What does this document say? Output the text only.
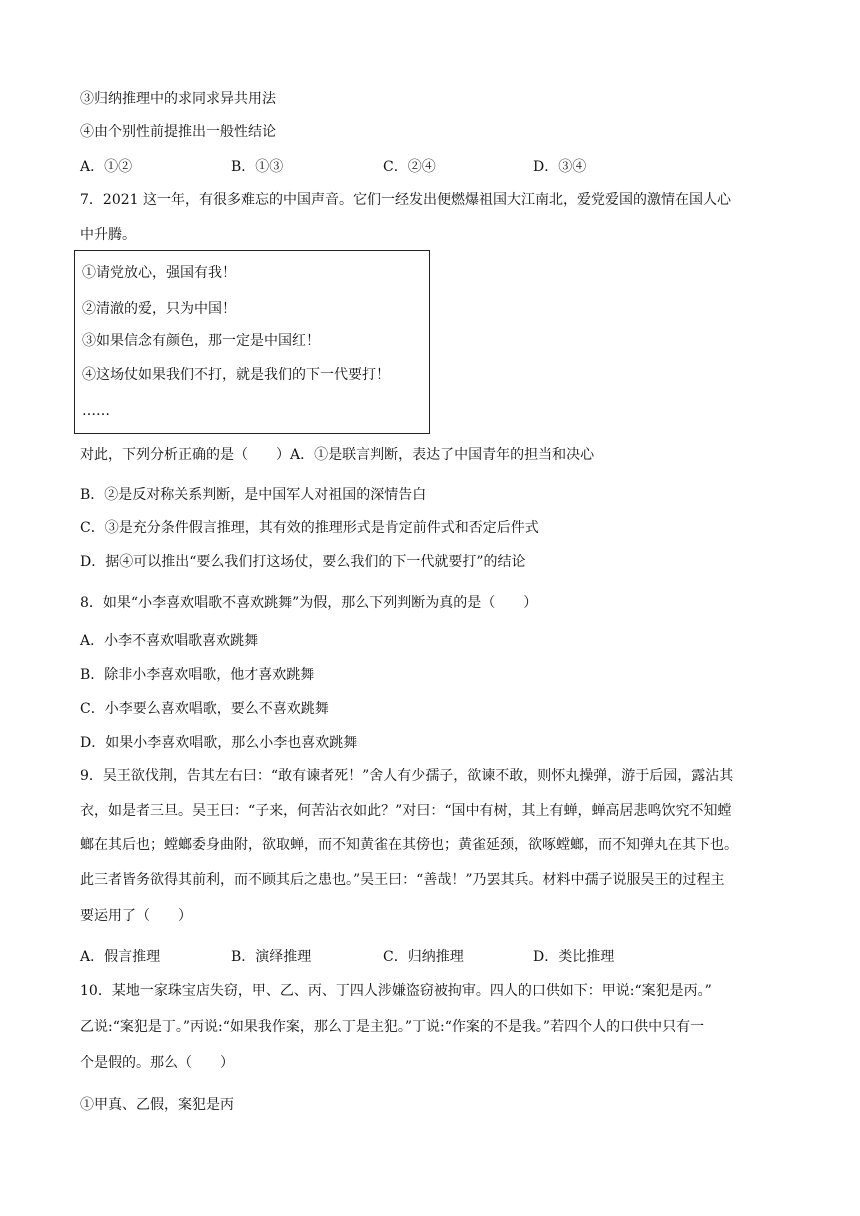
③归纳推理中的求同求异共用法
④由个别性前提推出一般性结论
A．①②	B．①③	C．②④	D．③④
7．2021 这一年，有很多难忘的中国声音。它们一经发出便燃爆祖国大江南北，爱党爱国的激情在国人心
中升腾。
①请党放心，强国有我！
②清澈的爱，只为中国！
③如果信念有颜色，那一定是中国红！
④这场仗如果我们不打，就是我们的下一代要打！
……
对此，下列分析正确的是（　　）A．①是联言判断，表达了中国青年的担当和决心
B．②是反对称关系判断，是中国军人对祖国的深情告白
C．③是充分条件假言推理，其有效的推理形式是肯定前件式和否定后件式
D．据④可以推出“要么我们打这场仗，要么我们的下一代就要打”的结论
8．如果“小李喜欢唱歌不喜欢跳舞”为假，那么下列判断为真的是（　　）
A．小李不喜欢唱歌喜欢跳舞
B．除非小李喜欢唱歌，他才喜欢跳舞
C．小李要么喜欢唱歌，要么不喜欢跳舞
D．如果小李喜欢唱歌，那么小李也喜欢跳舞
9．吴王欲伐荆，告其左右曰：“敢有谏者死！”舍人有少孺子，欲谏不敢，则怀丸操弹，游于后园，露沾其
衣，如是者三旦。吴王曰：“子来，何苦沾衣如此？”对曰：“国中有树，其上有蝉，蝉高居悲鸣饮究不知螳
螂在其后也；螳螂委身曲附，欲取蝉，而不知黄雀在其傍也；黄雀延颈，欲啄螳螂，而不知弹丸在其下也。
此三者皆务欲得其前利，而不顾其后之患也。”吴王曰：“善哉！”乃罢其兵。材料中孺子说服吴王的过程主
要运用了（　　）
A．假言推理	B．演绎推理	C．归纳推理	D．类比推理
10．某地一家珠宝店失窃，甲、乙、丙、丁四人涉嫌盗窃被拘审。四人的口供如下：甲说:“案犯是丙。”
乙说:“案犯是丁。”丙说:“如果我作案，那么丁是主犯。”丁说:“作案的不是我。”若四个人的口供中只有一
个是假的。那么（　　）
①甲真、乙假，案犯是丙
